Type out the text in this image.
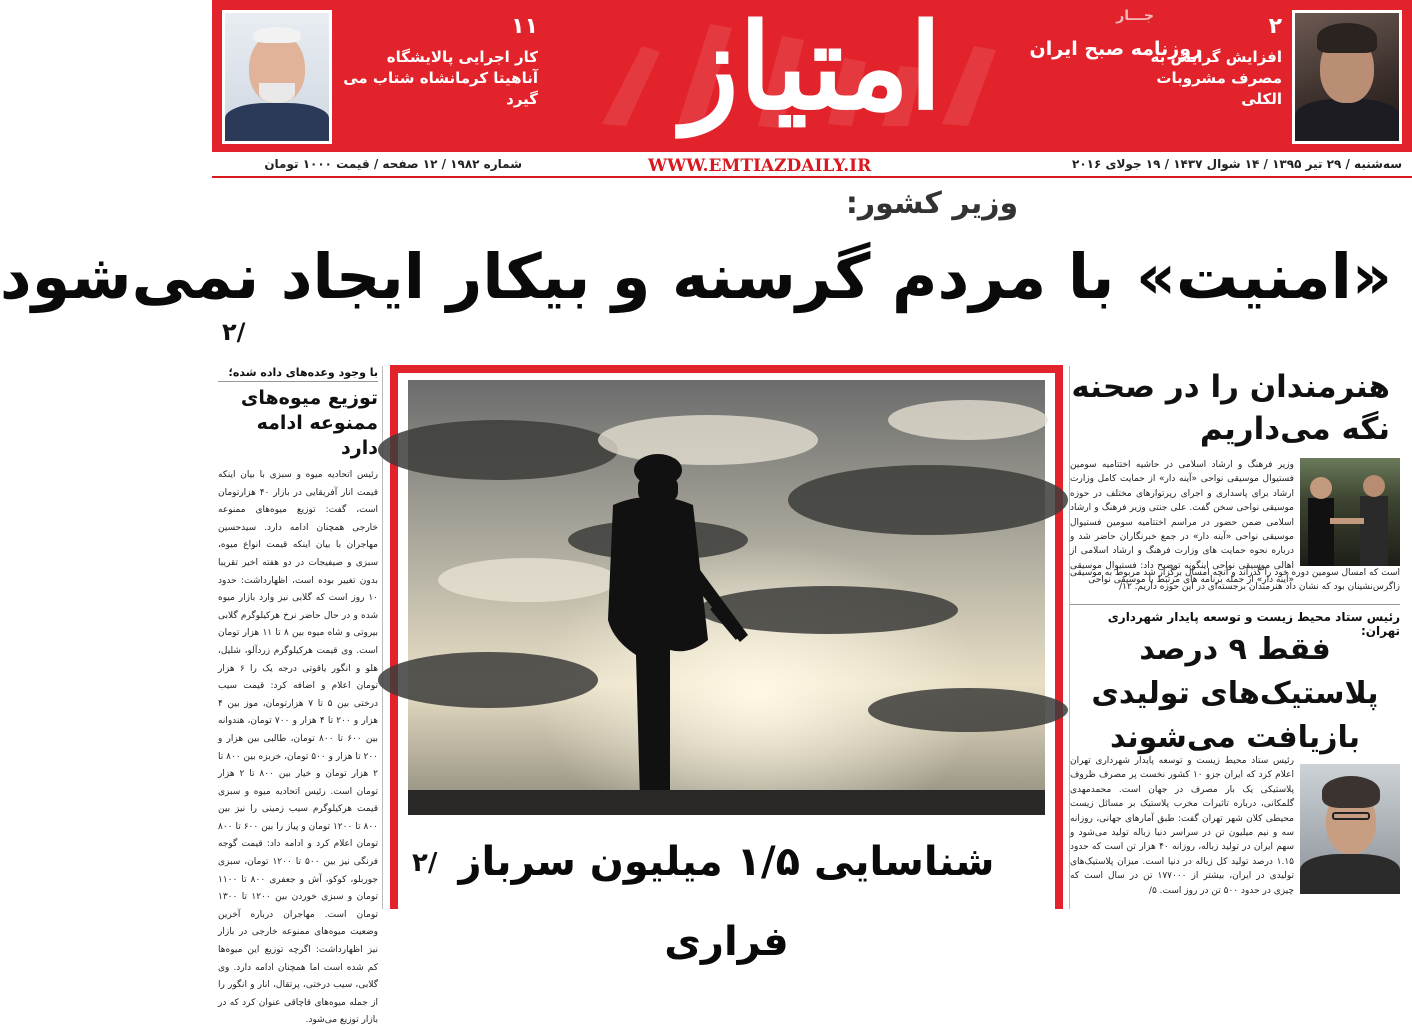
۲
افزایش گرایش به مصرف مشروبات الکلی
امتیاز	جـــار
روزنامه صبح ایران
۱۱
کار اجرایی پالایشگاه آناهیتا کرمانشاه شتاب می گیرد
سه‌شنبه / ۲۹ تیر ۱۳۹۵ / ۱۴ شوال ۱۴۳۷ / ۱۹ جولای ۲۰۱۶
WWW.EMTIAZDAILY.IR
شماره ۱۹۸۲ / ۱۲ صفحه / قیمت ۱۰۰۰ تومان
وزیر کشور:
«امنیت» با مردم گرسنه و بیکار ایجاد نمی‌شود
۲/
با وجود وعده‌های داده شده؛
توزیع میوه‌های ممنوعه ادامه دارد
رئیس اتحادیه میوه و سبزی با بیان اینکه قیمت انار آفریقایی در بازار ۴۰ هزارتومان است، گفت: توزیع میوه‌های ممنوعه خارجی همچنان ادامه دارد. سیدحسین مهاجران با بیان اینکه قیمت انواع میوه، سبزی و صیفیجات در دو هفته اخیر تقریبا بدون تغییر بوده است، اظهارداشت: حدود ۱۰ روز است که گلابی نیز وارد بازار میوه شده و در حال حاضر نرخ هرکیلوگرم گلابی بیروتی و شاه میوه بین ۸ تا ۱۱ هزار تومان است. وی قیمت هرکیلوگرم زردآلو، شلیل، هلو و انگور یاقوتی درجه یک را ۶ هزار تومان اعلام و اضافه کرد: قیمت سیب درختی بین ۵ تا ۷ هزارتومان، موز بین ۴ هزار و ۲۰۰ تا ۴ هزار و ۷۰۰ تومان، هندوانه بین ۶۰۰ تا ۸۰۰ تومان، طالبی بین هزار و ۲۰۰ تا هزار و ۵۰۰ تومان، خربزه بین ۸۰۰ تا ۲ هزار تومان و خیار بین ۸۰۰ تا ۲ هزار تومان است. رئیس اتحادیه میوه و سبزی قیمت هرکیلوگرم سیب زمینی را نیز بین ۸۰۰ تا ۱۲۰۰ تومان و پیاز را بین ۶۰۰ تا ۸۰۰ تومان اعلام کرد و ادامه داد: قیمت گوجه فرنگی نیز بین ۵۰۰ تا ۱۲۰۰ تومان، سبزی جوربلو، کوکو، آش و جعفری ۸۰۰ تا ۱۱۰۰ تومان و سبزی خوردن بین ۱۲۰۰ تا ۱۳۰۰ تومان است. مهاجران درباره آخرین وضعیت میوه‌های ممنوعه خارجی در بازار نیز اظهارداشت: اگرچه توزیع این میوه‌ها کم شده است اما همچنان ادامه دارد. وی گلابی، سیب درختی، پرتقال، انار و انگور را از جمله میوه‌های قاچاقی عنوان کرد که در بازار توزیع می‌شود.
شناسایی ۱/۵ میلیون سرباز فراری
۲/
هنرمندان را در صحنه نگه می‌داریم
وزیر فرهنگ و ارشاد اسلامی در حاشیه اختتامیه سومین فستیوال موسیقی نواحی «آینه دار» از حمایت کامل وزارت ارشاد برای پاسداری و اجرای رپرتوارهای مختلف در حوزه موسیقی نواحی سخن گفت. علی جنتی وزیر فرهنگ و ارشاد اسلامی ضمن حضور در مراسم اختتامیه سومین فستیوال موسیقی نواحی «آینه دار» در جمع خبرنگاران حاضر شد و درباره نحوه حمایت های وزارت فرهنگ و ارشاد اسلامی از اهالی موسیقی نواحی اینگونه توضیح داد: فستیوال موسیقی «آینه دار» از جمله برنامه های مرتبط با موسیقی نواحی
است که امسال سومین دوره خود را گذراند و آنچه امسال برگزار شد مربوط به موسیقی زاگرس‌نشینان بود که نشان داد هنرمندان برجسته‌ای در این حوزه داریم. ۱۲/
رئیس ستاد محیط زیست و توسعه پایدار شهرداری تهران:
فقط ۹ درصد پلاستیک‌های تولیدی بازیافت می‌شوند
رئیس ستاد محیط زیست و توسعه پایدار شهرداری تهران اعلام کرد که ایران جزو ۱۰ کشور نخست پر مصرف ظروف پلاستیکی یک بار مصرف در جهان است. محمدمهدی گلمکانی، درباره تاثیرات مخرب پلاستیک بر مسائل زیست محیطی کلان شهر تهران گفت: طبق آمارهای جهانی، روزانه سه و نیم میلیون تن در سراسر دنیا زباله تولید می‌شود و سهم ایران در تولید زباله، روزانه ۴۰ هزار تن است که حدود ۱.۱۵ درصد تولید کل زباله در دنیا است. میزان پلاستیک‌های تولیدی در ایران، بیشتر از ۱۷۷۰۰۰ تن در سال است که چیزی در حدود ۵۰۰ تن در روز است. ۵/
